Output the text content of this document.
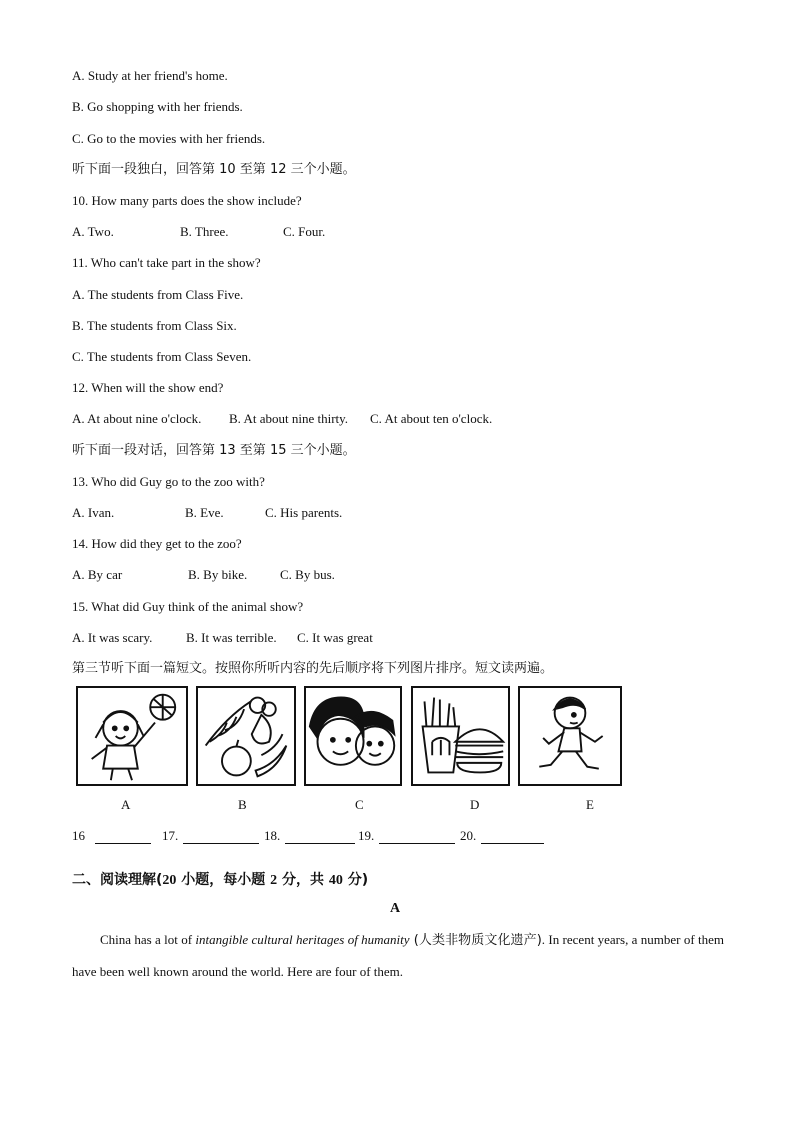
A. Study at her friend's home.
B. Go shopping with her friends.
C. Go to the movies with her friends.
听下面一段独白，回答第 10 至第 12 三个小题。
10. How many parts does the show include?
A. Two.	B. Three.	C. Four.
11. Who can't take part in the show?
A. The students from Class Five.
B. The students from Class Six.
C. The students from Class Seven.
12. When will the show end?
A. At about nine o'clock. B. At about nine thirty. C. At about ten o'clock.
听下面一段对话，回答第 13 至第 15 三个小题。
13. Who did Guy go to the zoo with?
A. Ivan.	B. Eve.	C. His parents.
14. How did they get to the zoo?
A. By car	B. By bike.	C. By bus.
15. What did Guy think of the animal show?
A. It was scary.	B. It was terrible. C. It was great
第三节听下面一篇短文。按照你所听内容的先后顺序将下列图片排序。短文读两遍。
A	B	C	D	E
16	17.	18.	19.	20.
二、阅读理解(20 小题，每小题 2 分，共 40 分)
A
China has a lot of intangible cultural heritages of humanity (人类非物质文化遗产). In recent years, a number of them have been well known around the world. Here are four of them.
